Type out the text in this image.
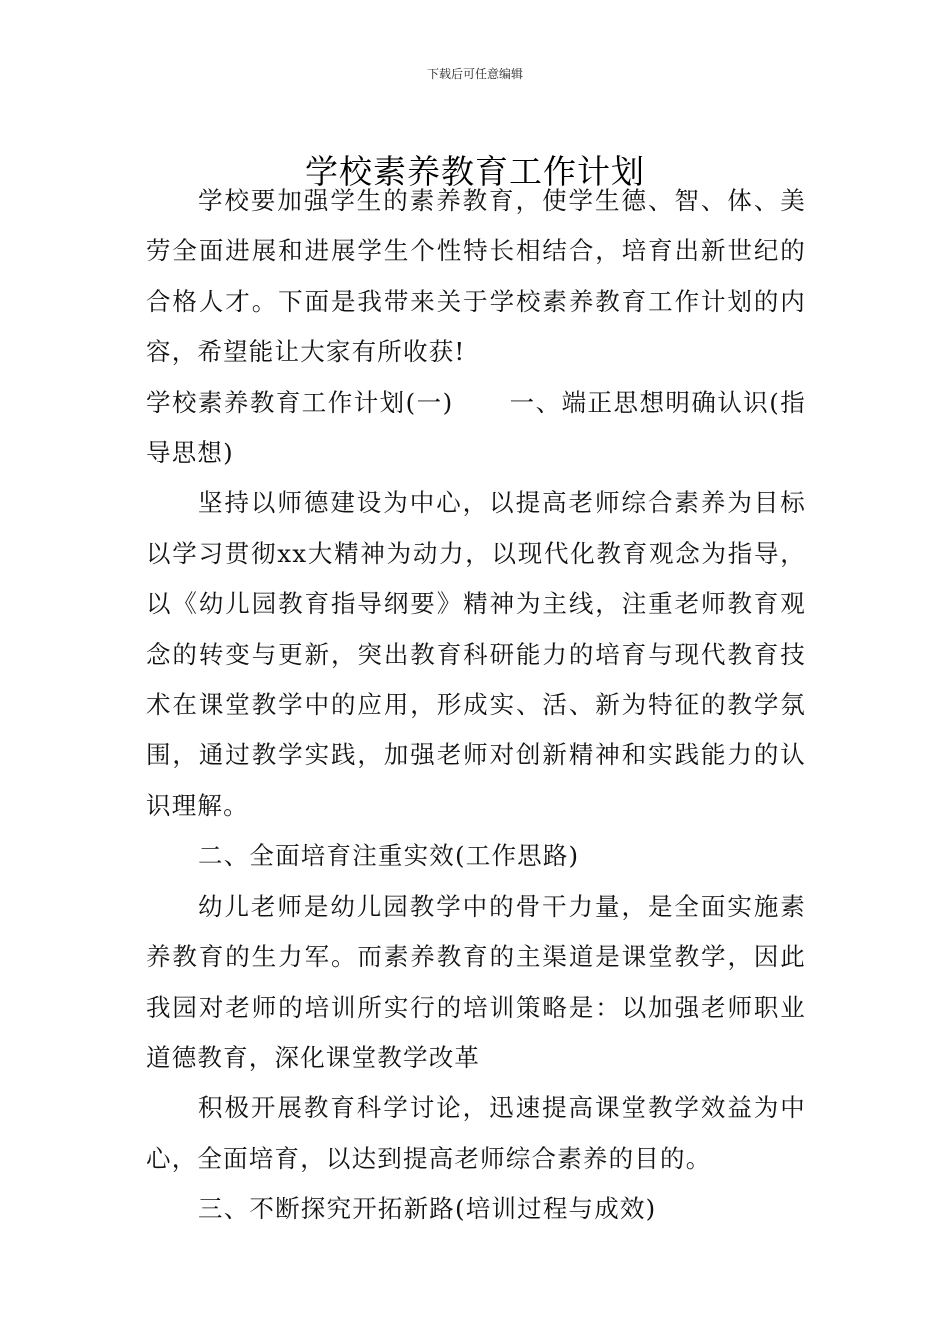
下载后可任意编辑
学校素养教育工作计划

学校要加强学生的素养教育，使学生德、智、体、美劳全面进展和进展学生个性特长相结合，培育出新世纪的合格人才。下面是我带来关于学校素养教育工作计划的内容，希望能让大家有所收获!

学校素养教育工作计划(一) 一、端正思想明确认识(指导思想)

坚持以师德建设为中心，以提高老师综合素养为目标以学习贯彻xx大精神为动力，以现代化教育观念为指导，以《幼儿园教育指导纲要》精神为主线，注重老师教育观念的转变与更新，突出教育科研能力的培育与现代教育技术在课堂教学中的应用，形成实、活、新为特征的教学氛围，通过教学实践，加强老师对创新精神和实践能力的认识理解。

二、全面培育注重实效(工作思路)

幼儿老师是幼儿园教学中的骨干力量，是全面实施素养教育的生力军。而素养教育的主渠道是课堂教学，因此我园对老师的培训所实行的培训策略是：以加强老师职业道德教育，深化课堂教学改革

积极开展教育科学讨论，迅速提高课堂教学效益为中心，全面培育，以达到提高老师综合素养的目的。

三、不断探究开拓新路(培训过程与成效)
